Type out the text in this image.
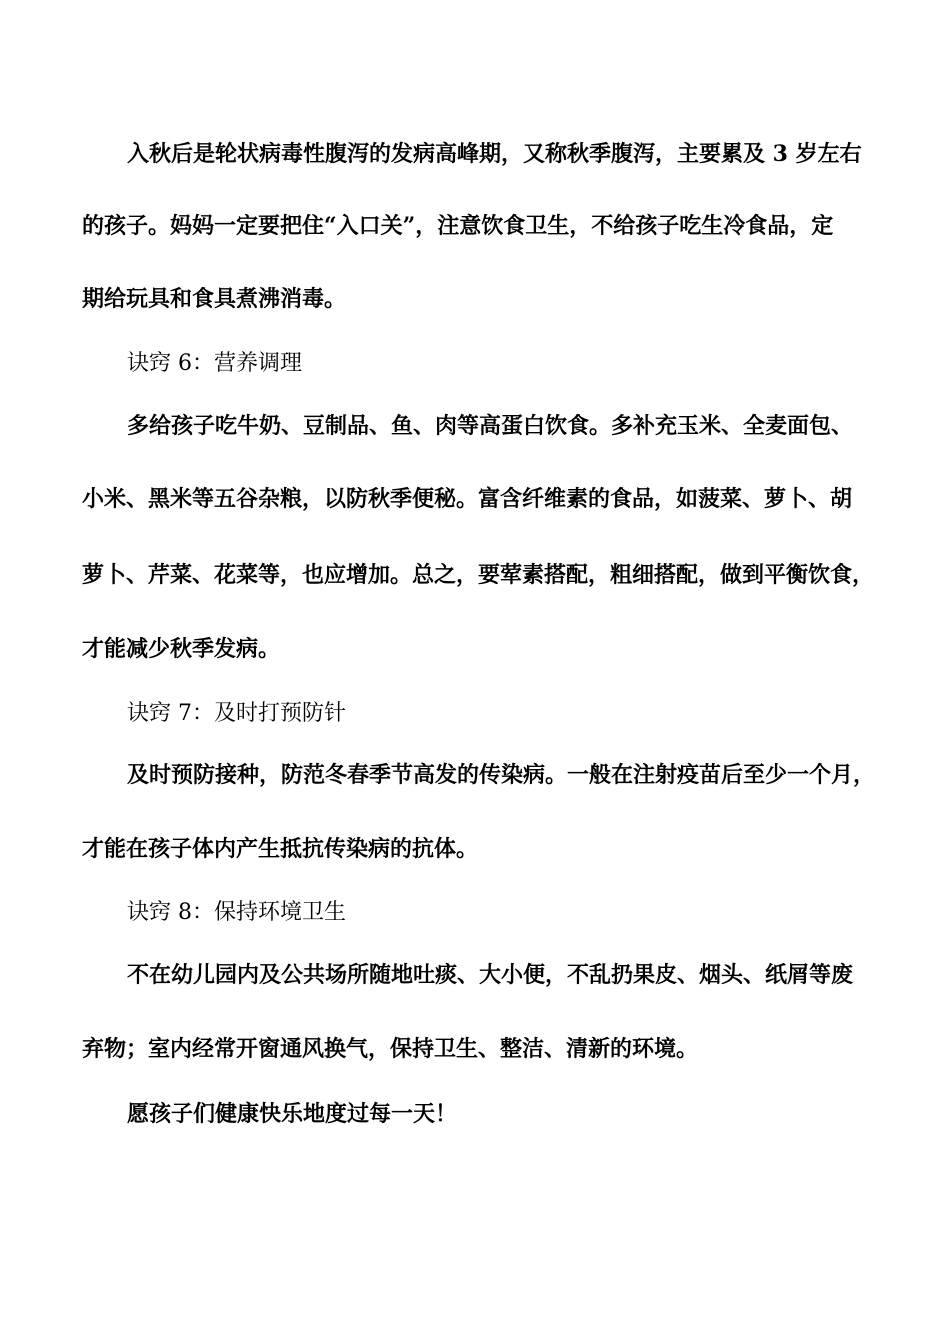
入秋后是轮状病毒性腹泻的发病高峰期，又称秋季腹泻，主要累及 3 岁左右
的孩子。妈妈一定要把住“入口关”，注意饮食卫生，不给孩子吃生冷食品，定
期给玩具和食具煮沸消毒。
诀窍 6：营养调理
多给孩子吃牛奶、豆制品、鱼、肉等高蛋白饮食。多补充玉米、全麦面包、
小米、黑米等五谷杂粮，以防秋季便秘。富含纤维素的食品，如菠菜、萝卜、胡
萝卜、芹菜、花菜等，也应增加。总之，要荤素搭配，粗细搭配，做到平衡饮食，
才能减少秋季发病。
诀窍 7：及时打预防针
及时预防接种，防范冬春季节高发的传染病。一般在注射疫苗后至少一个月，
才能在孩子体内产生抵抗传染病的抗体。
诀窍 8：保持环境卫生
不在幼儿园内及公共场所随地吐痰、大小便，不乱扔果皮、烟头、纸屑等废
弃物；室内经常开窗通风换气，保持卫生、整洁、清新的环境。
愿孩子们健康快乐地度过每一天！
